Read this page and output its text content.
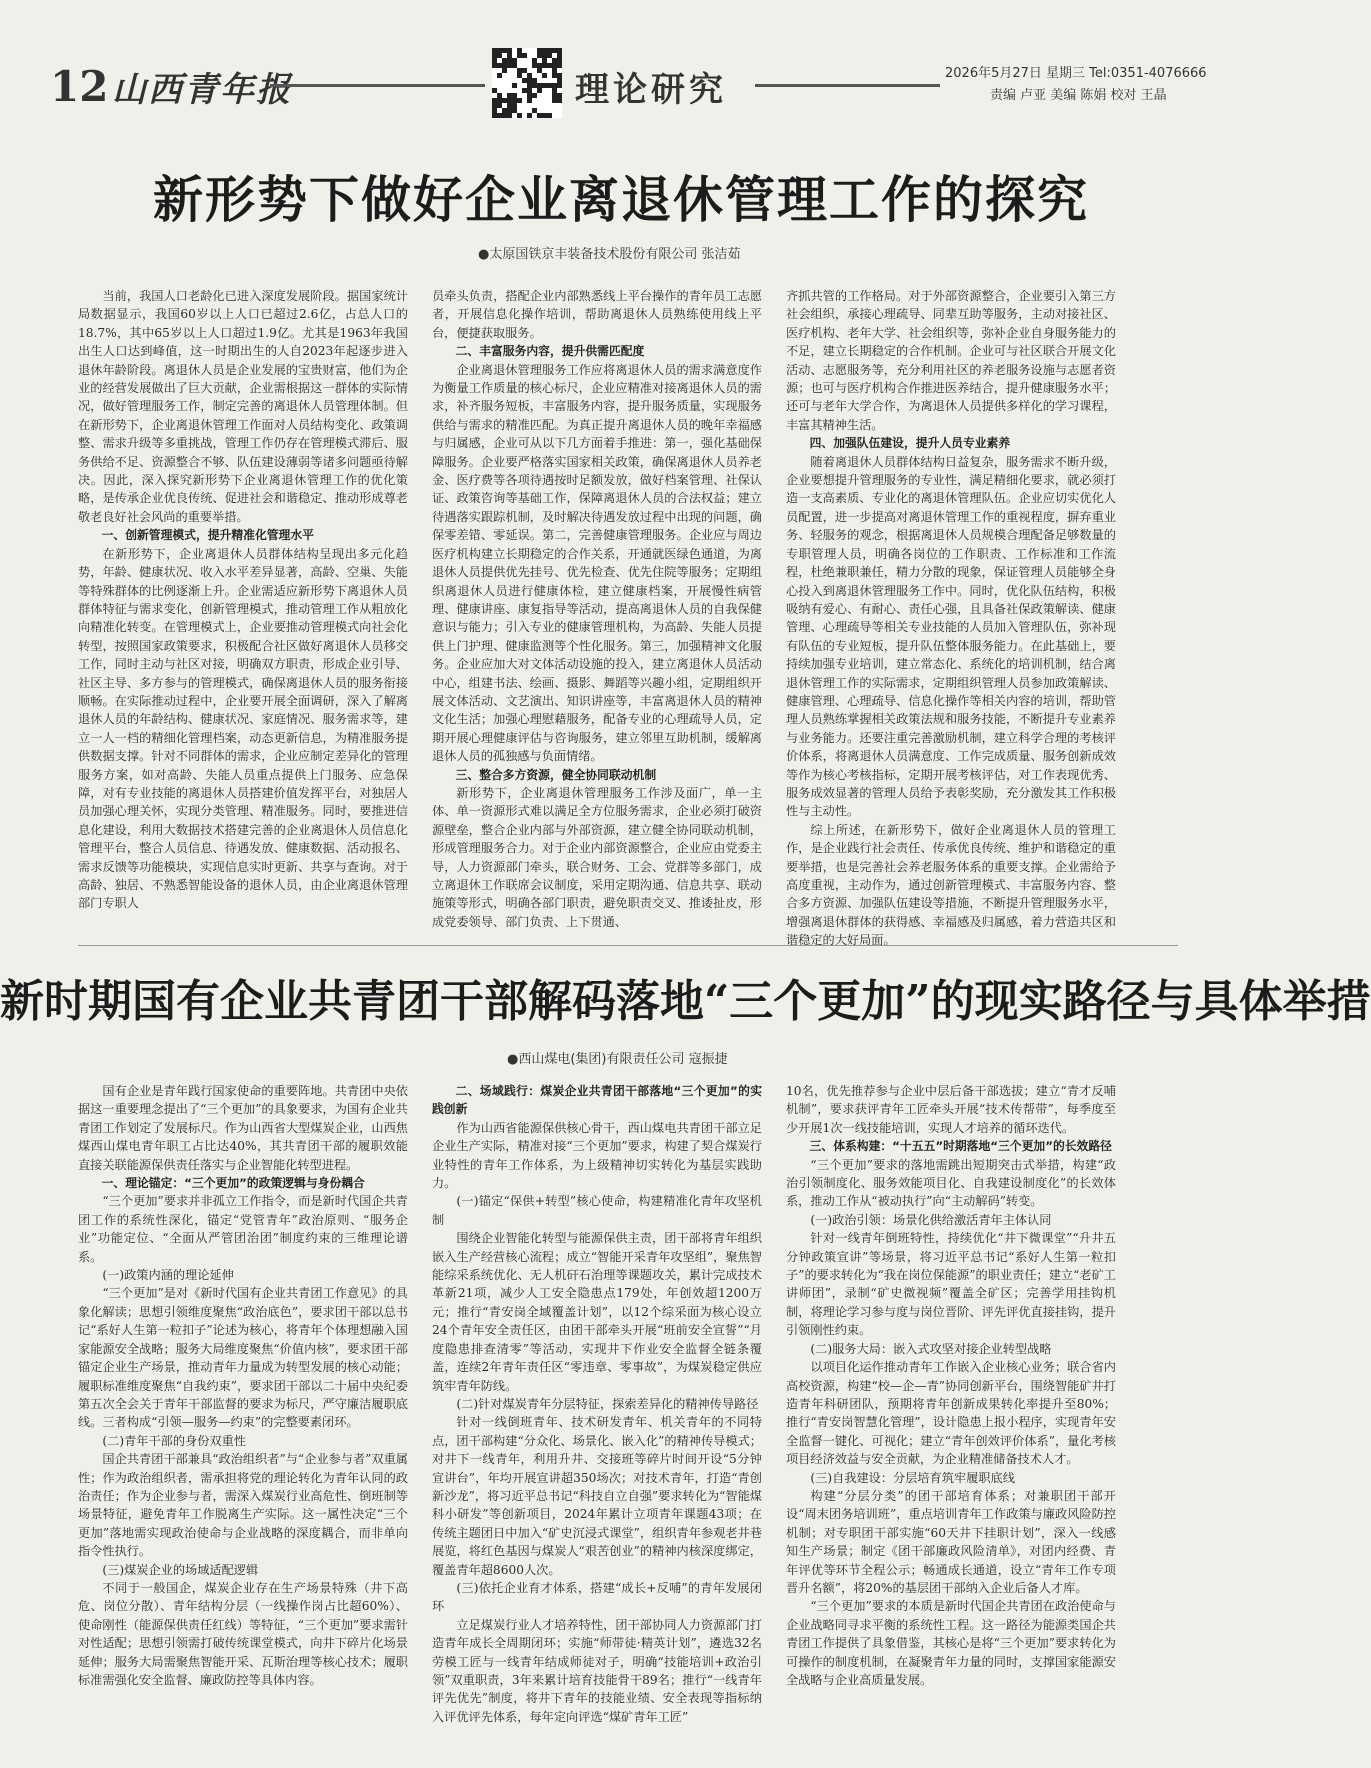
12 山西青年报	理论研究	2026年5月27日 星期三 Tel:0351-4076666
责编 卢亚 美编 陈娟 校对 王晶
新形势下做好企业离退休管理工作的探究
●太原国铁京丰装备技术股份有限公司 张洁茹

当前，我国人口老龄化已进入深度发展阶段。据国家统计局数据显示，我国60岁以上人口已超过2.6亿，占总人口的18.7%，其中65岁以上人口超过1.9亿。尤其是1963年我国出生人口达到峰值，这一时期出生的人自2023年起逐步进入退休年龄阶段。离退休人员是企业发展的宝贵财富，他们为企业的经营发展做出了巨大贡献，企业需根据这一群体的实际情况，做好管理服务工作，制定完善的离退休人员管理体制。但在新形势下，企业离退休管理工作面对人员结构变化、政策调整、需求升级等多重挑战，管理工作仍存在管理模式滞后、服务供给不足、资源整合不够、队伍建设薄弱等诸多问题亟待解决。因此，深入探究新形势下企业离退休管理工作的优化策略，是传承企业优良传统、促进社会和谐稳定、推动形成尊老敬老良好社会风尚的重要举措。

一、创新管理模式，提升精准化管理水平

在新形势下，企业离退休人员群体结构呈现出多元化趋势，年龄、健康状况、收入水平差异显著，高龄、空巢、失能等特殊群体的比例逐渐上升。企业需适应新形势下离退休人员群体特征与需求变化，创新管理模式，推动管理工作从粗放化向精准化转变。在管理模式上，企业要推动管理模式向社会化转型，按照国家政策要求，积极配合社区做好离退休人员移交工作，同时主动与社区对接，明确双方职责，形成企业引导、社区主导、多方参与的管理模式，确保离退休人员的服务衔接顺畅。在实际推动过程中，企业要开展全面调研，深入了解离退休人员的年龄结构、健康状况、家庭情况、服务需求等，建立一人一档的精细化管理档案，动态更新信息，为精准服务提供数据支撑。针对不同群体的需求，企业应制定差异化的管理服务方案，如对高龄、失能人员重点提供上门服务、应急保障，对有专业技能的离退休人员搭建价值发挥平台，对独居人员加强心理关怀，实现分类管理、精准服务。同时，要推进信息化建设，利用大数据技术搭建完善的企业离退休人员信息化管理平台，整合人员信息、待遇发放、健康数据、活动报名、需求反馈等功能模块，实现信息实时更新、共享与查询。对于高龄、独居、不熟悉智能设备的退休人员，由企业离退休管理部门专职人

员牵头负责，搭配企业内部熟悉线上平台操作的青年员工志愿者，开展信息化操作培训，帮助离退休人员熟练使用线上平台，便捷获取服务。

二、丰富服务内容，提升供需匹配度

企业离退休管理服务工作应将离退休人员的需求满意度作为衡量工作质量的核心标尺，企业应精准对接离退休人员的需求，补齐服务短板，丰富服务内容，提升服务质量，实现服务供给与需求的精准匹配。为真正提升离退休人员的晚年幸福感与归属感，企业可从以下几方面着手推进：第一，强化基础保障服务。企业要严格落实国家相关政策，确保离退休人员养老金、医疗费等各项待遇按时足额发放，做好档案管理、社保认证、政策咨询等基础工作，保障离退休人员的合法权益；建立待遇落实跟踪机制，及时解决待遇发放过程中出现的问题，确保零差错、零延误。第二，完善健康管理服务。企业应与周边医疗机构建立长期稳定的合作关系，开通就医绿色通道，为离退休人员提供优先挂号、优先检查、优先住院等服务；定期组织离退休人员进行健康体检，建立健康档案，开展慢性病管理、健康讲座、康复指导等活动，提高离退休人员的自我保健意识与能力；引入专业的健康管理机构，为高龄、失能人员提供上门护理、健康监测等个性化服务。第三，加强精神文化服务。企业应加大对文体活动设施的投入，建立离退休人员活动中心，组建书法、绘画、摄影、舞蹈等兴趣小组，定期组织开展文体活动、文艺演出、知识讲座等，丰富离退休人员的精神文化生活；加强心理慰藉服务，配备专业的心理疏导人员，定期开展心理健康评估与咨询服务，建立邻里互助机制，缓解离退休人员的孤独感与负面情绪。

三、整合多方资源，健全协同联动机制

新形势下，企业离退休管理服务工作涉及面广，单一主体、单一资源形式难以满足全方位服务需求，企业必须打破资源壁垒，整合企业内部与外部资源，建立健全协同联动机制，形成管理服务合力。对于企业内部资源整合，企业应由党委主导，人力资源部门牵头，联合财务、工会、党群等多部门，成立离退休工作联席会议制度，采用定期沟通、信息共享、联动施策等形式，明确各部门职责，避免职责交叉、推诿扯皮，形成党委领导、部门负责、上下贯通、

齐抓共管的工作格局。对于外部资源整合，企业要引入第三方社会组织，承接心理疏导、同辈互助等服务，主动对接社区、医疗机构、老年大学、社会组织等，弥补企业自身服务能力的不足，建立长期稳定的合作机制。企业可与社区联合开展文化活动、志愿服务等，充分利用社区的养老服务设施与志愿者资源；也可与医疗机构合作推进医养结合，提升健康服务水平；还可与老年大学合作，为离退休人员提供多样化的学习课程，丰富其精神生活。

四、加强队伍建设，提升人员专业素养

随着离退休人员群体结构日益复杂，服务需求不断升级，企业要想提升管理服务的专业性，满足精细化要求，就必须打造一支高素质、专业化的离退休管理队伍。企业应切实优化人员配置，进一步提高对离退休管理工作的重视程度，摒弃重业务、轻服务的观念，根据离退休人员规模合理配备足够数量的专职管理人员，明确各岗位的工作职责、工作标准和工作流程，杜绝兼职兼任，精力分散的现象，保证管理人员能够全身心投入到离退休管理服务工作中。同时，优化队伍结构，积极吸纳有爱心、有耐心、责任心强，且具备社保政策解读、健康管理、心理疏导等相关专业技能的人员加入管理队伍，弥补现有队伍的专业短板，提升队伍整体服务能力。在此基础上，要持续加强专业培训，建立常态化、系统化的培训机制，结合离退休管理工作的实际需求，定期组织管理人员参加政策解读、健康管理、心理疏导、信息化操作等相关内容的培训，帮助管理人员熟练掌握相关政策法规和服务技能，不断提升专业素养与业务能力。还要注重完善激励机制，建立科学合理的考核评价体系，将离退休人员满意度、工作完成质量、服务创新成效等作为核心考核指标，定期开展考核评估，对工作表现优秀、服务成效显著的管理人员给予表彰奖励，充分激发其工作积极性与主动性。

综上所述，在新形势下，做好企业离退休人员的管理工作，是企业践行社会责任、传承优良传统、维护和谐稳定的重要举措，也是完善社会养老服务体系的重要支撑。企业需给予高度重视，主动作为，通过创新管理模式、丰富服务内容、整合多方资源、加强队伍建设等措施，不断提升管理服务水平，增强离退休群体的获得感、幸福感及归属感，着力营造共区和谐稳定的大好局面。

新时期国有企业共青团干部解码落地“三个更加”的现实路径与具体举措
●西山煤电(集团)有限责任公司 寇振捷

国有企业是青年践行国家使命的重要阵地。共青团中央依据这一重要理念提出了“三个更加”的具象要求，为国有企业共青团工作划定了发展标尺。作为山西省大型煤炭企业，山西焦煤西山煤电青年职工占比达40%，其共青团干部的履职效能直接关联能源保供责任落实与企业智能化转型进程。

一、理论锚定：“三个更加”的政策逻辑与身份耦合

“三个更加”要求并非孤立工作指令，而是新时代国企共青团工作的系统性深化，锚定“党管青年”政治原则、“服务企业”功能定位、“全面从严管团治团”制度约束的三维理论谱系。

(一)政策内涵的理论延伸

“三个更加”是对《新时代国有企业共青团工作意见》的具象化解读；思想引领维度聚焦“政治底色”，要求团干部以总书记“系好人生第一粒扣子”论述为核心，将青年个体理想融入国家能源安全战略；服务大局维度聚焦“价值内核”，要求团干部锚定企业生产场景，推动青年力量成为转型发展的核心动能；履职标准维度聚焦“自我约束”，要求团干部以二十届中央纪委第五次全会关于青年干部监督的要求为标尺，严守廉洁履职底线。三者构成“引领—服务—约束”的完整要素闭环。

(二)青年干部的身份双重性

国企共青团干部兼具“政治组织者”与“企业参与者”双重属性；作为政治组织者，需承担将党的理论转化为青年认同的政治责任；作为企业参与者，需深入煤炭行业高危性、倒班制等场景特征，避免青年工作脱离生产实际。这一属性决定“三个更加”落地需实现政治使命与企业战略的深度耦合，而非单向指令性执行。

(三)煤炭企业的场域适配逻辑

不同于一般国企，煤炭企业存在生产场景特殊（井下高危、岗位分散）、青年结构分层（一线操作岗占比超60%）、使命刚性（能源保供责任红线）等特征，“三个更加”要求需针对性适配；思想引领需打破传统课堂模式，向井下碎片化场景延伸；服务大局需聚焦智能开采、瓦斯治理等核心技术；履职标准需强化安全监督、廉政防控等具体内容。

二、场域践行：煤炭企业共青团干部落地“三个更加”的实践创新

作为山西省能源保供核心骨干，西山煤电共青团干部立足企业生产实际，精准对接“三个更加”要求，构建了契合煤炭行业特性的青年工作体系，为上级精神切实转化为基层实践助力。

(一)锚定“保供+转型”核心使命，构建精准化青年攻坚机制

围绕企业智能化转型与能源保供主责，团干部将青年组织嵌入生产经营核心流程；成立“智能开采青年攻坚组”，聚焦智能综采系统优化、无人机矸石治理等课题攻关，累计完成技术革新21项，减少人工安全隐患点179处，年创效超1200万元；推行“青安岗全域覆盖计划”，以12个综采面为核心设立24个青年安全责任区，由团干部牵头开展“班前安全宣誓”“月度隐患排查清零”等活动，实现井下作业安全监督全链条覆盖，连续2年青年责任区“零违章、零事故”，为煤炭稳定供应筑牢青年防线。

(二)针对煤炭青年分层特征，探索差异化的精神传导路径

针对一线倒班青年、技术研发青年、机关青年的不同特点，团干部构建“分众化、场景化、嵌入化”的精神传导模式；对井下一线青年，利用升井、交接班等碎片时间开设“5分钟宣讲台”，年均开展宣讲超350场次；对技术青年，打造“青创新沙龙”，将习近平总书记“科技自立自强”要求转化为“智能煤科小研发”等创新项目，2024年累计立项青年课题43项；在传统主题团日中加入“矿史沉浸式课堂”，组织青年参观老井巷展览，将红色基因与煤炭人“艰苦创业”的精神内核深度绑定，覆盖青年超8600人次。

(三)依托企业育才体系，搭建“成长+反哺”的青年发展闭环

立足煤炭行业人才培养特性，团干部协同人力资源部门打造青年成长全周期闭环；实施“师带徒·精英计划”，遴选32名劳模工匠与一线青年结成师徒对子，明确“技能培训+政治引领”双重职责，3年来累计培育技能骨干89名；推行“一线青年评先优先”制度，将井下青年的技能业绩、安全表现等指标纳入评优评先体系，每年定向评选“煤矿青年工匠”

10名，优先推荐参与企业中层后备干部选拔；建立“青才反哺机制”，要求获评青年工匠牵头开展“技术传帮带”，每季度至少开展1次一线技能培训，实现人才培养的循环迭代。

三、体系构建：“十五五”时期落地“三个更加”的长效路径

“三个更加”要求的落地需跳出短期突击式举措，构建“政治引领制度化、服务效能项目化、自我建设制度化”的长效体系，推动工作从“被动执行”向“主动解码”转变。

(一)政治引领：场景化供给激活青年主体认同

针对一线青年倒班特性，持续优化“井下微课堂”“升井五分钟政策宣讲”等场景，将习近平总书记“系好人生第一粒扣子”的要求转化为“我在岗位保能源”的职业责任；建立“老矿工讲师团”，录制“矿史微视频”覆盖全矿区；完善学用挂钩机制，将理论学习参与度与岗位晋阶、评先评优直接挂钩，提升引领刚性约束。

(二)服务大局：嵌入式攻坚对接企业转型战略

以项目化运作推动青年工作嵌入企业核心业务；联合省内高校资源，构建“校—企—青”协同创新平台，围绕智能矿井打造青年科研团队，预期将青年创新成果转化率提升至80%；推行“青安岗智慧化管理”，设计隐患上报小程序，实现青年安全监督一键化、可视化；建立“青年创效评价体系”，量化考核项目经济效益与安全贡献，为企业精准储备技术人才。

(三)自我建设：分层培育筑牢履职底线

构建“分层分类”的团干部培育体系；对兼职团干部开设“周末团务培训班”，重点培训青年工作政策与廉政风险防控机制；对专职团干部实施“60天井下挂职计划”，深入一线感知生产场景；制定《团干部廉政风险清单》，对团内经费、青年评优等环节全程公示；畅通成长通道，设立“青年工作专项晋升名额”，将20%的基层团干部纳入企业后备人才库。

“三个更加”要求的本质是新时代国企共青团在政治使命与企业战略同寻求平衡的系统性工程。这一路径为能源类国企共青团工作提供了具象借鉴，其核心是将“三个更加”要求转化为可操作的制度机制，在凝聚青年力量的同时，支撑国家能源安全战略与企业高质量发展。
